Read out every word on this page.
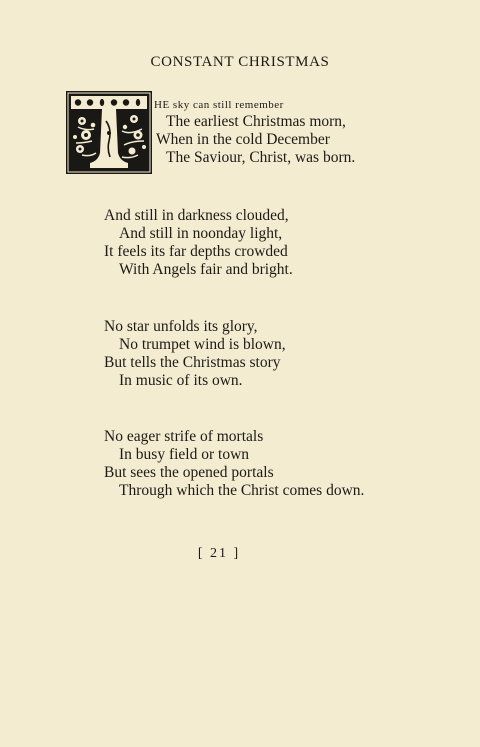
CONSTANT CHRISTMAS
HE sky can still remember
The earliest Christmas morn,
When in the cold December
The Saviour, Christ, was born.
And still in darkness clouded,
And still in noonday light,
It feels its far depths crowded
With Angels fair and bright.
No star unfolds its glory,
No trumpet wind is blown,
But tells the Christmas story
In music of its own.
No eager strife of mortals
In busy field or town
But sees the opened portals
Through which the Christ comes down.
[ 21 ]
